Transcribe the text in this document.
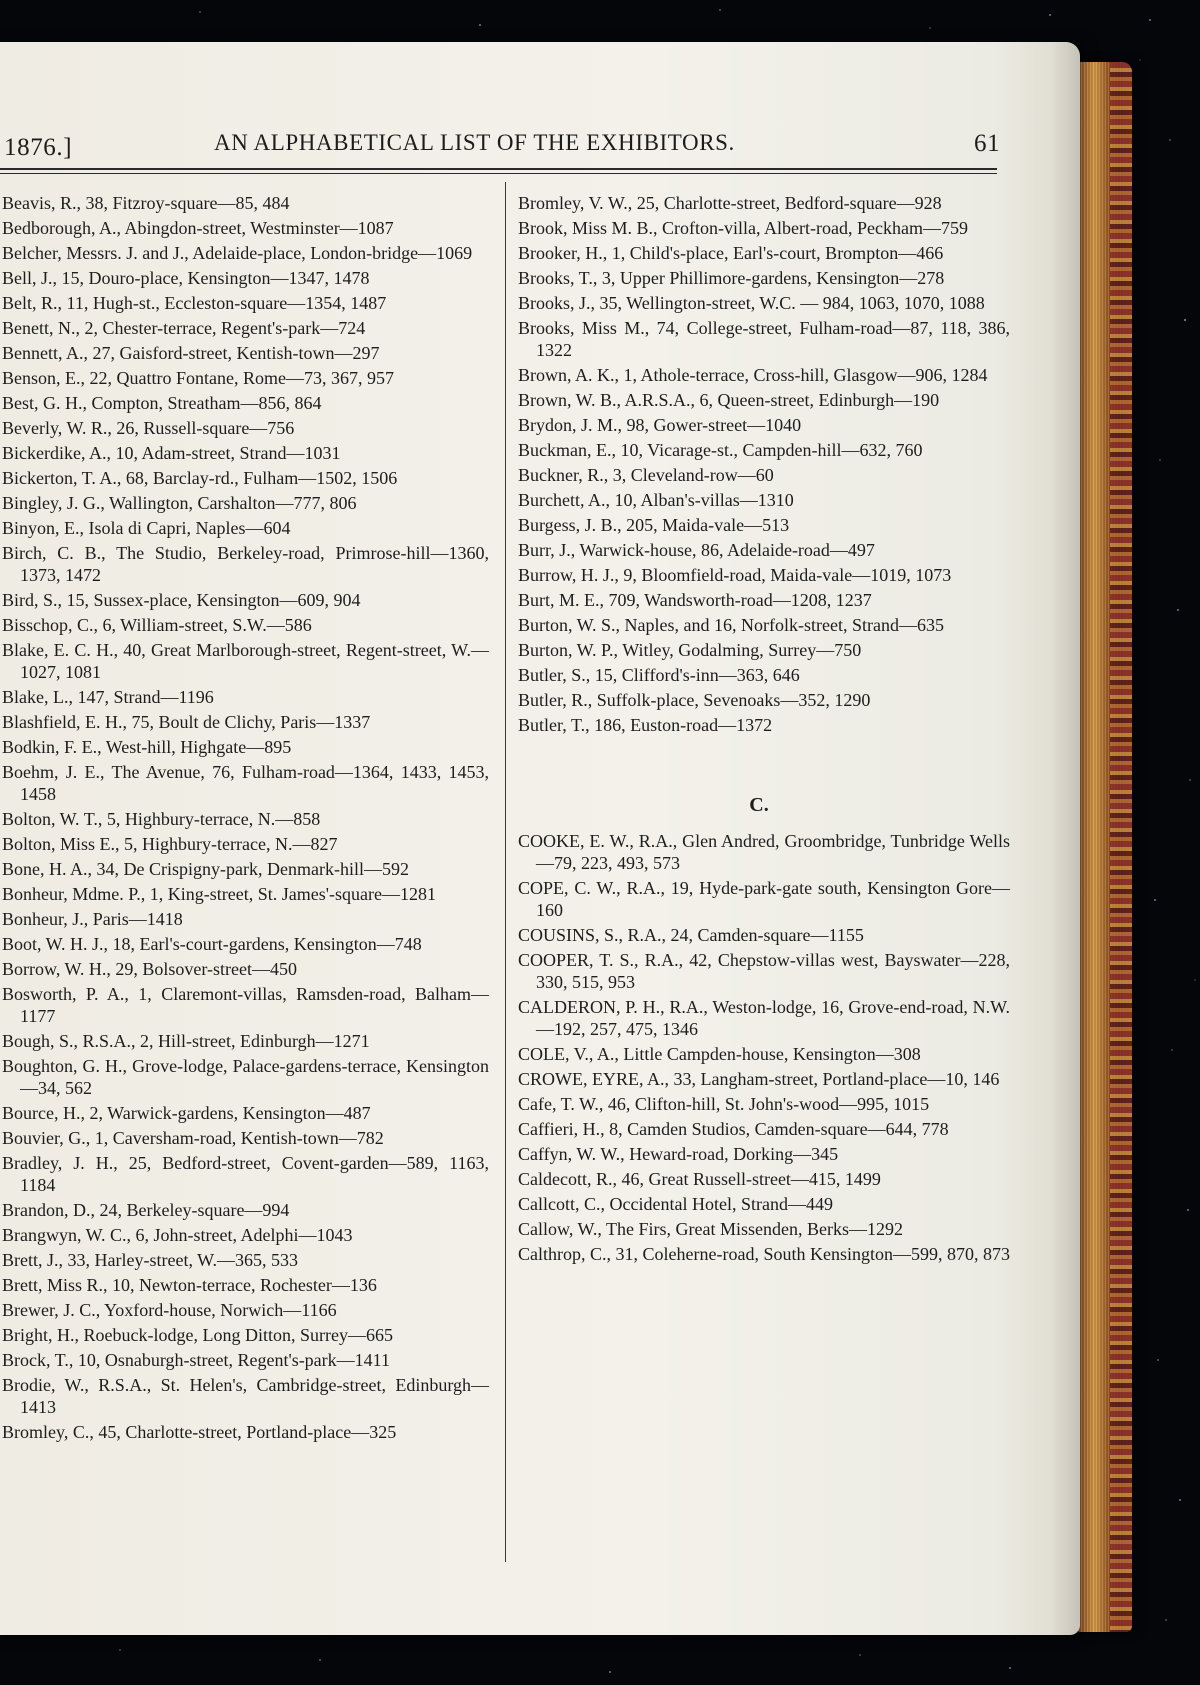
1876.]	AN ALPHABETICAL LIST OF THE EXHIBITORS.	61

Beavis, R., 38, Fitzroy-square—85, 484

Bedborough, A., Abingdon-street, Westminster—1087

Belcher, Messrs. J. and J., Adelaide-place, London-bridge—1069

Bell, J., 15, Douro-place, Kensington—1347, 1478

Belt, R., 11, Hugh-st., Eccleston-square—1354, 1487

Benett, N., 2, Chester-terrace, Regent's-park—724

Bennett, A., 27, Gaisford-street, Kentish-town—297

Benson, E., 22, Quattro Fontane, Rome—73, 367, 957

Best, G. H., Compton, Streatham—856, 864

Beverly, W. R., 26, Russell-square—756

Bickerdike, A., 10, Adam-street, Strand—1031

Bickerton, T. A., 68, Barclay-rd., Fulham—1502, 1506

Bingley, J. G., Wallington, Carshalton—777, 806

Binyon, E., Isola di Capri, Naples—604

Birch, C. B., The Studio, Berkeley-road, Primrose-hill—1360, 1373, 1472

Bird, S., 15, Sussex-place, Kensington—609, 904

Bisschop, C., 6, William-street, S.W.—586

Blake, E. C. H., 40, Great Marlborough-street, Regent-street, W.—1027, 1081

Blake, L., 147, Strand—1196

Blashfield, E. H., 75, Boult de Clichy, Paris—1337

Bodkin, F. E., West-hill, Highgate—895

Boehm, J. E., The Avenue, 76, Fulham-road—1364, 1433, 1453, 1458

Bolton, W. T., 5, Highbury-terrace, N.—858

Bolton, Miss E., 5, Highbury-terrace, N.—827

Bone, H. A., 34, De Crispigny-park, Denmark-hill—592

Bonheur, Mdme. P., 1, King-street, St. James'-square—1281

Bonheur, J., Paris—1418

Boot, W. H. J., 18, Earl's-court-gardens, Kensington—748

Borrow, W. H., 29, Bolsover-street—450

Bosworth, P. A., 1, Claremont-villas, Ramsden-road, Balham—1177

Bough, S., R.S.A., 2, Hill-street, Edinburgh—1271

Boughton, G. H., Grove-lodge, Palace-gardens-terrace, Kensington—34, 562

Bource, H., 2, Warwick-gardens, Kensington—487

Bouvier, G., 1, Caversham-road, Kentish-town—782

Bradley, J. H., 25, Bedford-street, Covent-garden—589, 1163, 1184

Brandon, D., 24, Berkeley-square—994

Brangwyn, W. C., 6, John-street, Adelphi—1043

Brett, J., 33, Harley-street, W.—365, 533

Brett, Miss R., 10, Newton-terrace, Rochester—136

Brewer, J. C., Yoxford-house, Norwich—1166

Bright, H., Roebuck-lodge, Long Ditton, Surrey—665

Brock, T., 10, Osnaburgh-street, Regent's-park—1411

Brodie, W., R.S.A., St. Helen's, Cambridge-street, Edinburgh—1413

Bromley, C., 45, Charlotte-street, Portland-place—325

Bromley, V. W., 25, Charlotte-street, Bedford-square—928

Brook, Miss M. B., Crofton-villa, Albert-road, Peckham—759

Brooker, H., 1, Child's-place, Earl's-court, Brompton—466

Brooks, T., 3, Upper Phillimore-gardens, Kensington—278

Brooks, J., 35, Wellington-street, W.C. — 984, 1063, 1070, 1088

Brooks, Miss M., 74, College-street, Fulham-road—87, 118, 386, 1322

Brown, A. K., 1, Athole-terrace, Cross-hill, Glasgow—906, 1284

Brown, W. B., A.R.S.A., 6, Queen-street, Edinburgh—190

Brydon, J. M., 98, Gower-street—1040

Buckman, E., 10, Vicarage-st., Campden-hill—632, 760

Buckner, R., 3, Cleveland-row—60

Burchett, A., 10, Alban's-villas—1310

Burgess, J. B., 205, Maida-vale—513

Burr, J., Warwick-house, 86, Adelaide-road—497

Burrow, H. J., 9, Bloomfield-road, Maida-vale—1019, 1073

Burt, M. E., 709, Wandsworth-road—1208, 1237

Burton, W. S., Naples, and 16, Norfolk-street, Strand—635

Burton, W. P., Witley, Godalming, Surrey—750

Butler, S., 15, Clifford's-inn—363, 646

Butler, R., Suffolk-place, Sevenoaks—352, 1290

Butler, T., 186, Euston-road—1372

C.

COOKE, E. W., R.A., Glen Andred, Groombridge, Tunbridge Wells—79, 223, 493, 573

COPE, C. W., R.A., 19, Hyde-park-gate south, Kensington Gore—160

COUSINS, S., R.A., 24, Camden-square—1155

COOPER, T. S., R.A., 42, Chepstow-villas west, Bayswater—228, 330, 515, 953

CALDERON, P. H., R.A., Weston-lodge, 16, Grove-end-road, N.W.—192, 257, 475, 1346

COLE, V., A., Little Campden-house, Kensington—308

CROWE, EYRE, A., 33, Langham-street, Portland-place—10, 146

Cafe, T. W., 46, Clifton-hill, St. John's-wood—995, 1015

Caffieri, H., 8, Camden Studios, Camden-square—644, 778

Caffyn, W. W., Heward-road, Dorking—345

Caldecott, R., 46, Great Russell-street—415, 1499

Callcott, C., Occidental Hotel, Strand—449

Callow, W., The Firs, Great Missenden, Berks—1292

Calthrop, C., 31, Coleherne-road, South Kensington—599, 870, 873
